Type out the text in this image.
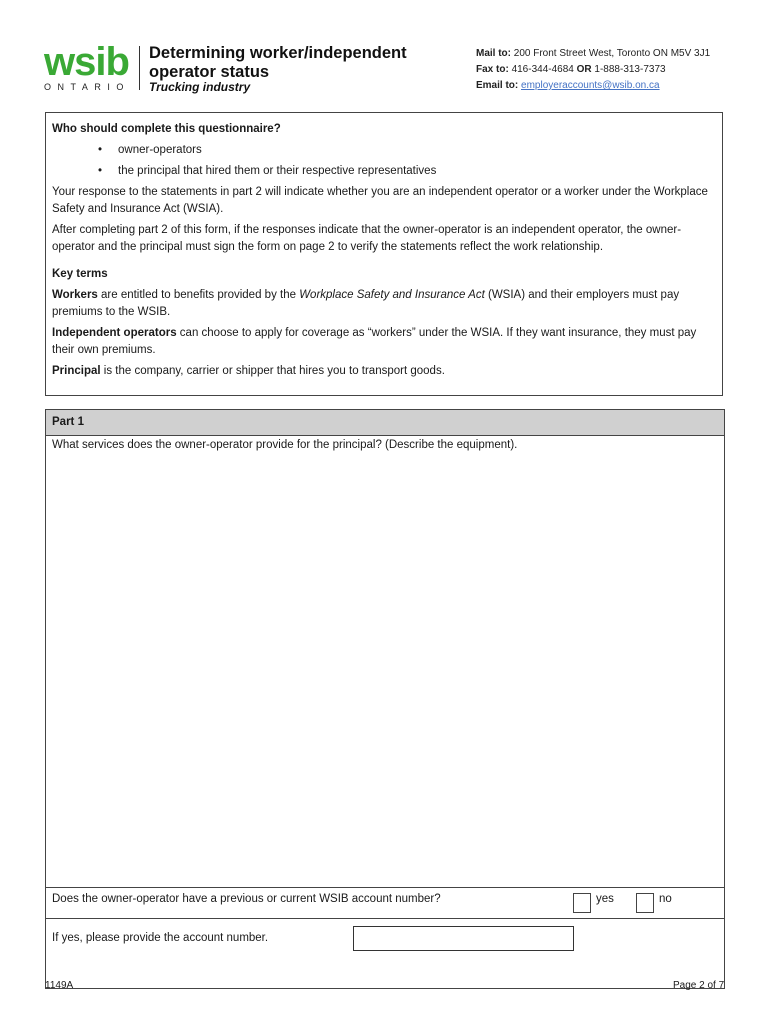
wsib
ONTARIO
Determining worker/independent operator status
Trucking industry
Mail to: 200 Front Street West, Toronto ON M5V 3J1
Fax to: 416-344-4684 OR 1-888-313-7373
Email to: employeraccounts@wsib.on.ca

Who should complete this questionnaire?

• owner-operators

• the principal that hired them or their respective representatives

Your response to the statements in part 2 will indicate whether you are an independent operator or a worker under the Workplace Safety and Insurance Act (WSIA).

After completing part 2 of this form, if the responses indicate that the owner-operator is an independent operator, the owner-operator and the principal must sign the form on page 2 to verify the statements reflect the work relationship.

Key terms

Workers are entitled to benefits provided by the Workplace Safety and Insurance Act (WSIA) and their employers must pay premiums to the WSIB.

Independent operators can choose to apply for coverage as “workers” under the WSIA. If they want insurance, they must pay their own premiums.

Principal is the company, carrier or shipper that hires you to transport goods.

Part 1
What services does the owner-operator provide for the principal? (Describe the equipment).
Does the owner-operator have a previous or current WSIB account number?	yes	no
If yes, please provide the account number.
1149A	Page 2 of 7
